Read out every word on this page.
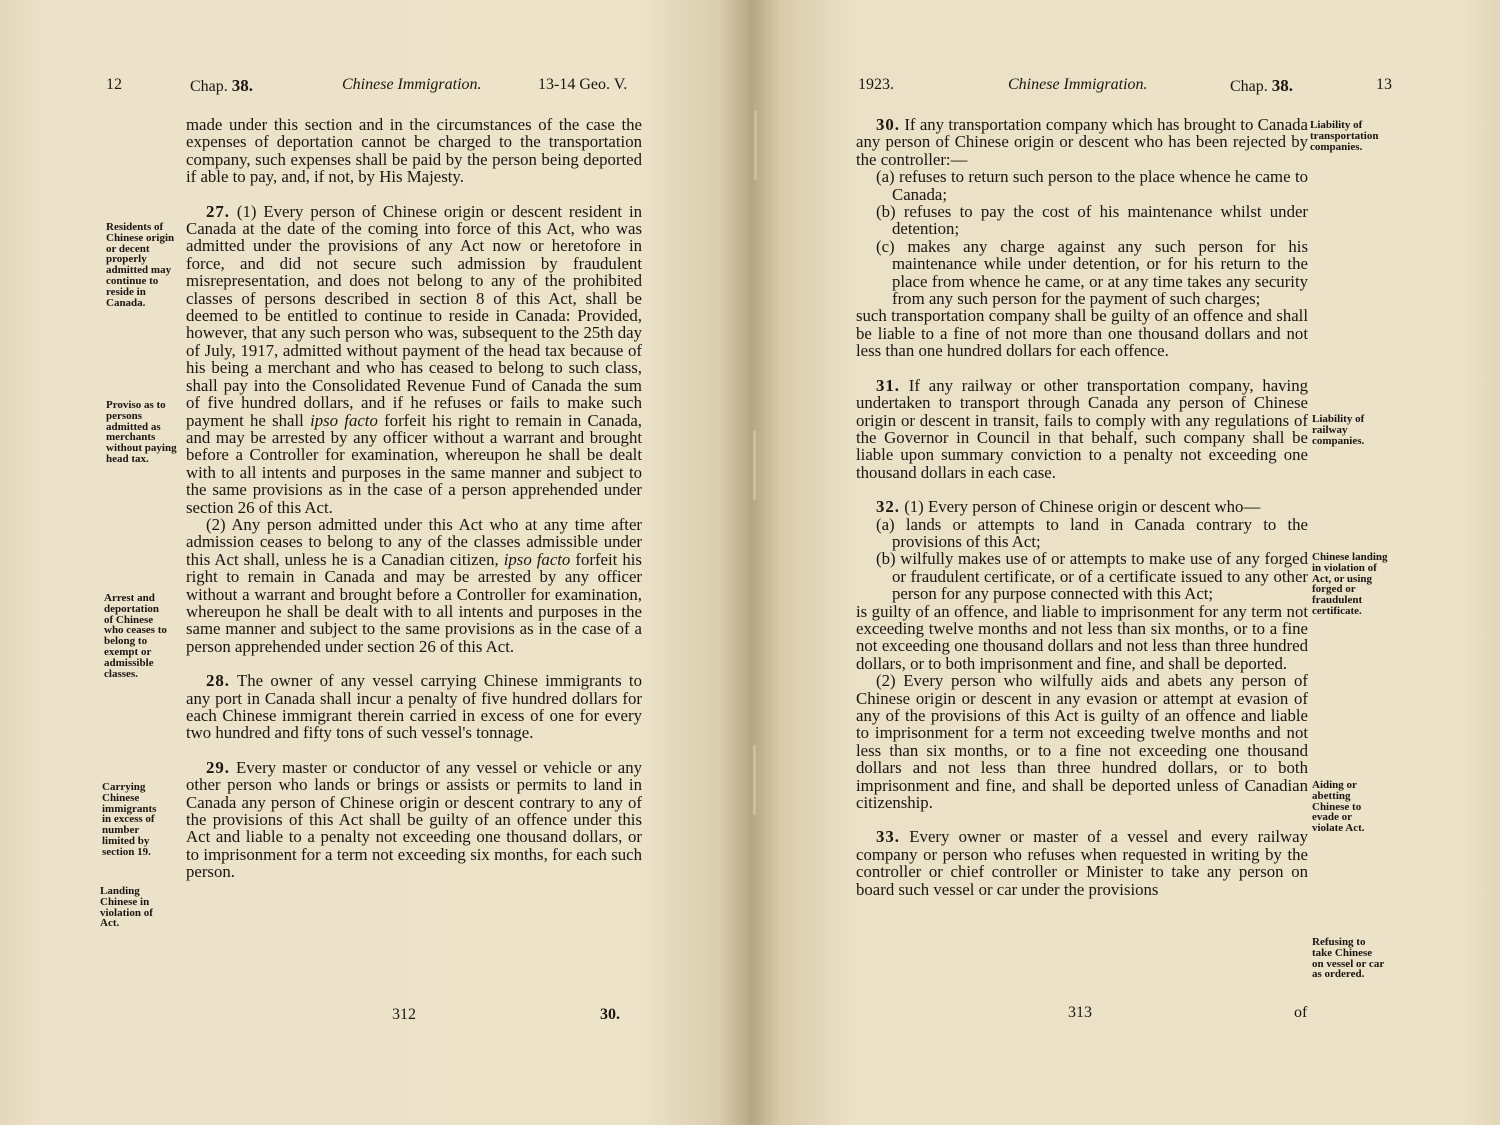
12	Chap. 38.	Chinese Immigration.	13-14 Geo. V.
Residents of Chinese origin or decent properly admitted may continue to reside in Canada.
Proviso as to persons admitted as merchants without paying head tax.
Arrest and deportation of Chinese who ceases to belong to exempt or admissible classes.
Carrying Chinese immigrants in excess of number limited by section 19.
Landing Chinese in violation of Act.

made under this section and in the circumstances of the case the expenses of deportation cannot be charged to the transportation company, such expenses shall be paid by the person being deported if able to pay, and, if not, by His Majesty.

27. (1) Every person of Chinese origin or descent resident in Canada at the date of the coming into force of this Act, who was admitted under the provisions of any Act now or heretofore in force, and did not secure such admission by fraudulent misrepresentation, and does not belong to any of the prohibited classes of persons described in section 8 of this Act, shall be deemed to be entitled to continue to reside in Canada: Provided, however, that any such person who was, subsequent to the 25th day of July, 1917, admitted without payment of the head tax because of his being a merchant and who has ceased to belong to such class, shall pay into the Consolidated Revenue Fund of Canada the sum of five hundred dollars, and if he refuses or fails to make such payment he shall ipso facto forfeit his right to remain in Canada, and may be arrested by any officer without a warrant and brought before a Controller for examination, whereupon he shall be dealt with to all intents and purposes in the same manner and subject to the same provisions as in the case of a person apprehended under section 26 of this Act.

(2) Any person admitted under this Act who at any time after admission ceases to belong to any of the classes admissible under this Act shall, unless he is a Canadian citizen, ipso facto forfeit his right to remain in Canada and may be arrested by any officer without a warrant and brought before a Controller for examination, whereupon he shall be dealt with to all intents and purposes in the same manner and subject to the same provisions as in the case of a person apprehended under section 26 of this Act.

28. The owner of any vessel carrying Chinese immigrants to any port in Canada shall incur a penalty of five hundred dollars for each Chinese immigrant therein carried in excess of one for every two hundred and fifty tons of such vessel's tonnage.

29. Every master or conductor of any vessel or vehicle or any other person who lands or brings or assists or permits to land in Canada any person of Chinese origin or descent contrary to any of the provisions of this Act shall be guilty of an offence under this Act and liable to a penalty not exceeding one thousand dollars, or to imprisonment for a term not exceeding six months, for each such person.

312	30.
1923.	Chinese Immigration.	Chap. 38.	13
Liability of transportation companies.
Liability of railway companies.
Chinese landing in violation of Act, or using forged or fraudulent certificate.
Aiding or abetting Chinese to evade or violate Act.
Refusing to take Chinese on vessel or car as ordered.

30. If any transportation company which has brought to Canada any person of Chinese origin or descent who has been rejected by the controller:—

(a) refuses to return such person to the place whence he came to Canada;

(b) refuses to pay the cost of his maintenance whilst under detention;

(c) makes any charge against any such person for his maintenance while under detention, or for his return to the place from whence he came, or at any time takes any security from any such person for the payment of such charges;

such transportation company shall be guilty of an offence and shall be liable to a fine of not more than one thousand dollars and not less than one hundred dollars for each offence.

31. If any railway or other transportation company, having undertaken to transport through Canada any person of Chinese origin or descent in transit, fails to comply with any regulations of the Governor in Council in that behalf, such company shall be liable upon summary conviction to a penalty not exceeding one thousand dollars in each case.

32. (1) Every person of Chinese origin or descent who—

(a) lands or attempts to land in Canada contrary to the provisions of this Act;

(b) wilfully makes use of or attempts to make use of any forged or fraudulent certificate, or of a certificate issued to any other person for any purpose connected with this Act;

is guilty of an offence, and liable to imprisonment for any term not exceeding twelve months and not less than six months, or to a fine not exceeding one thousand dollars and not less than three hundred dollars, or to both imprisonment and fine, and shall be deported.

(2) Every person who wilfully aids and abets any person of Chinese origin or descent in any evasion or attempt at evasion of any of the provisions of this Act is guilty of an offence and liable to imprisonment for a term not exceeding twelve months and not less than six months, or to a fine not exceeding one thousand dollars and not less than three hundred dollars, or to both imprisonment and fine, and shall be deported unless of Canadian citizenship.

33. Every owner or master of a vessel and every railway company or person who refuses when requested in writing by the controller or chief controller or Minister to take any person on board such vessel or car under the provisions

313	of
